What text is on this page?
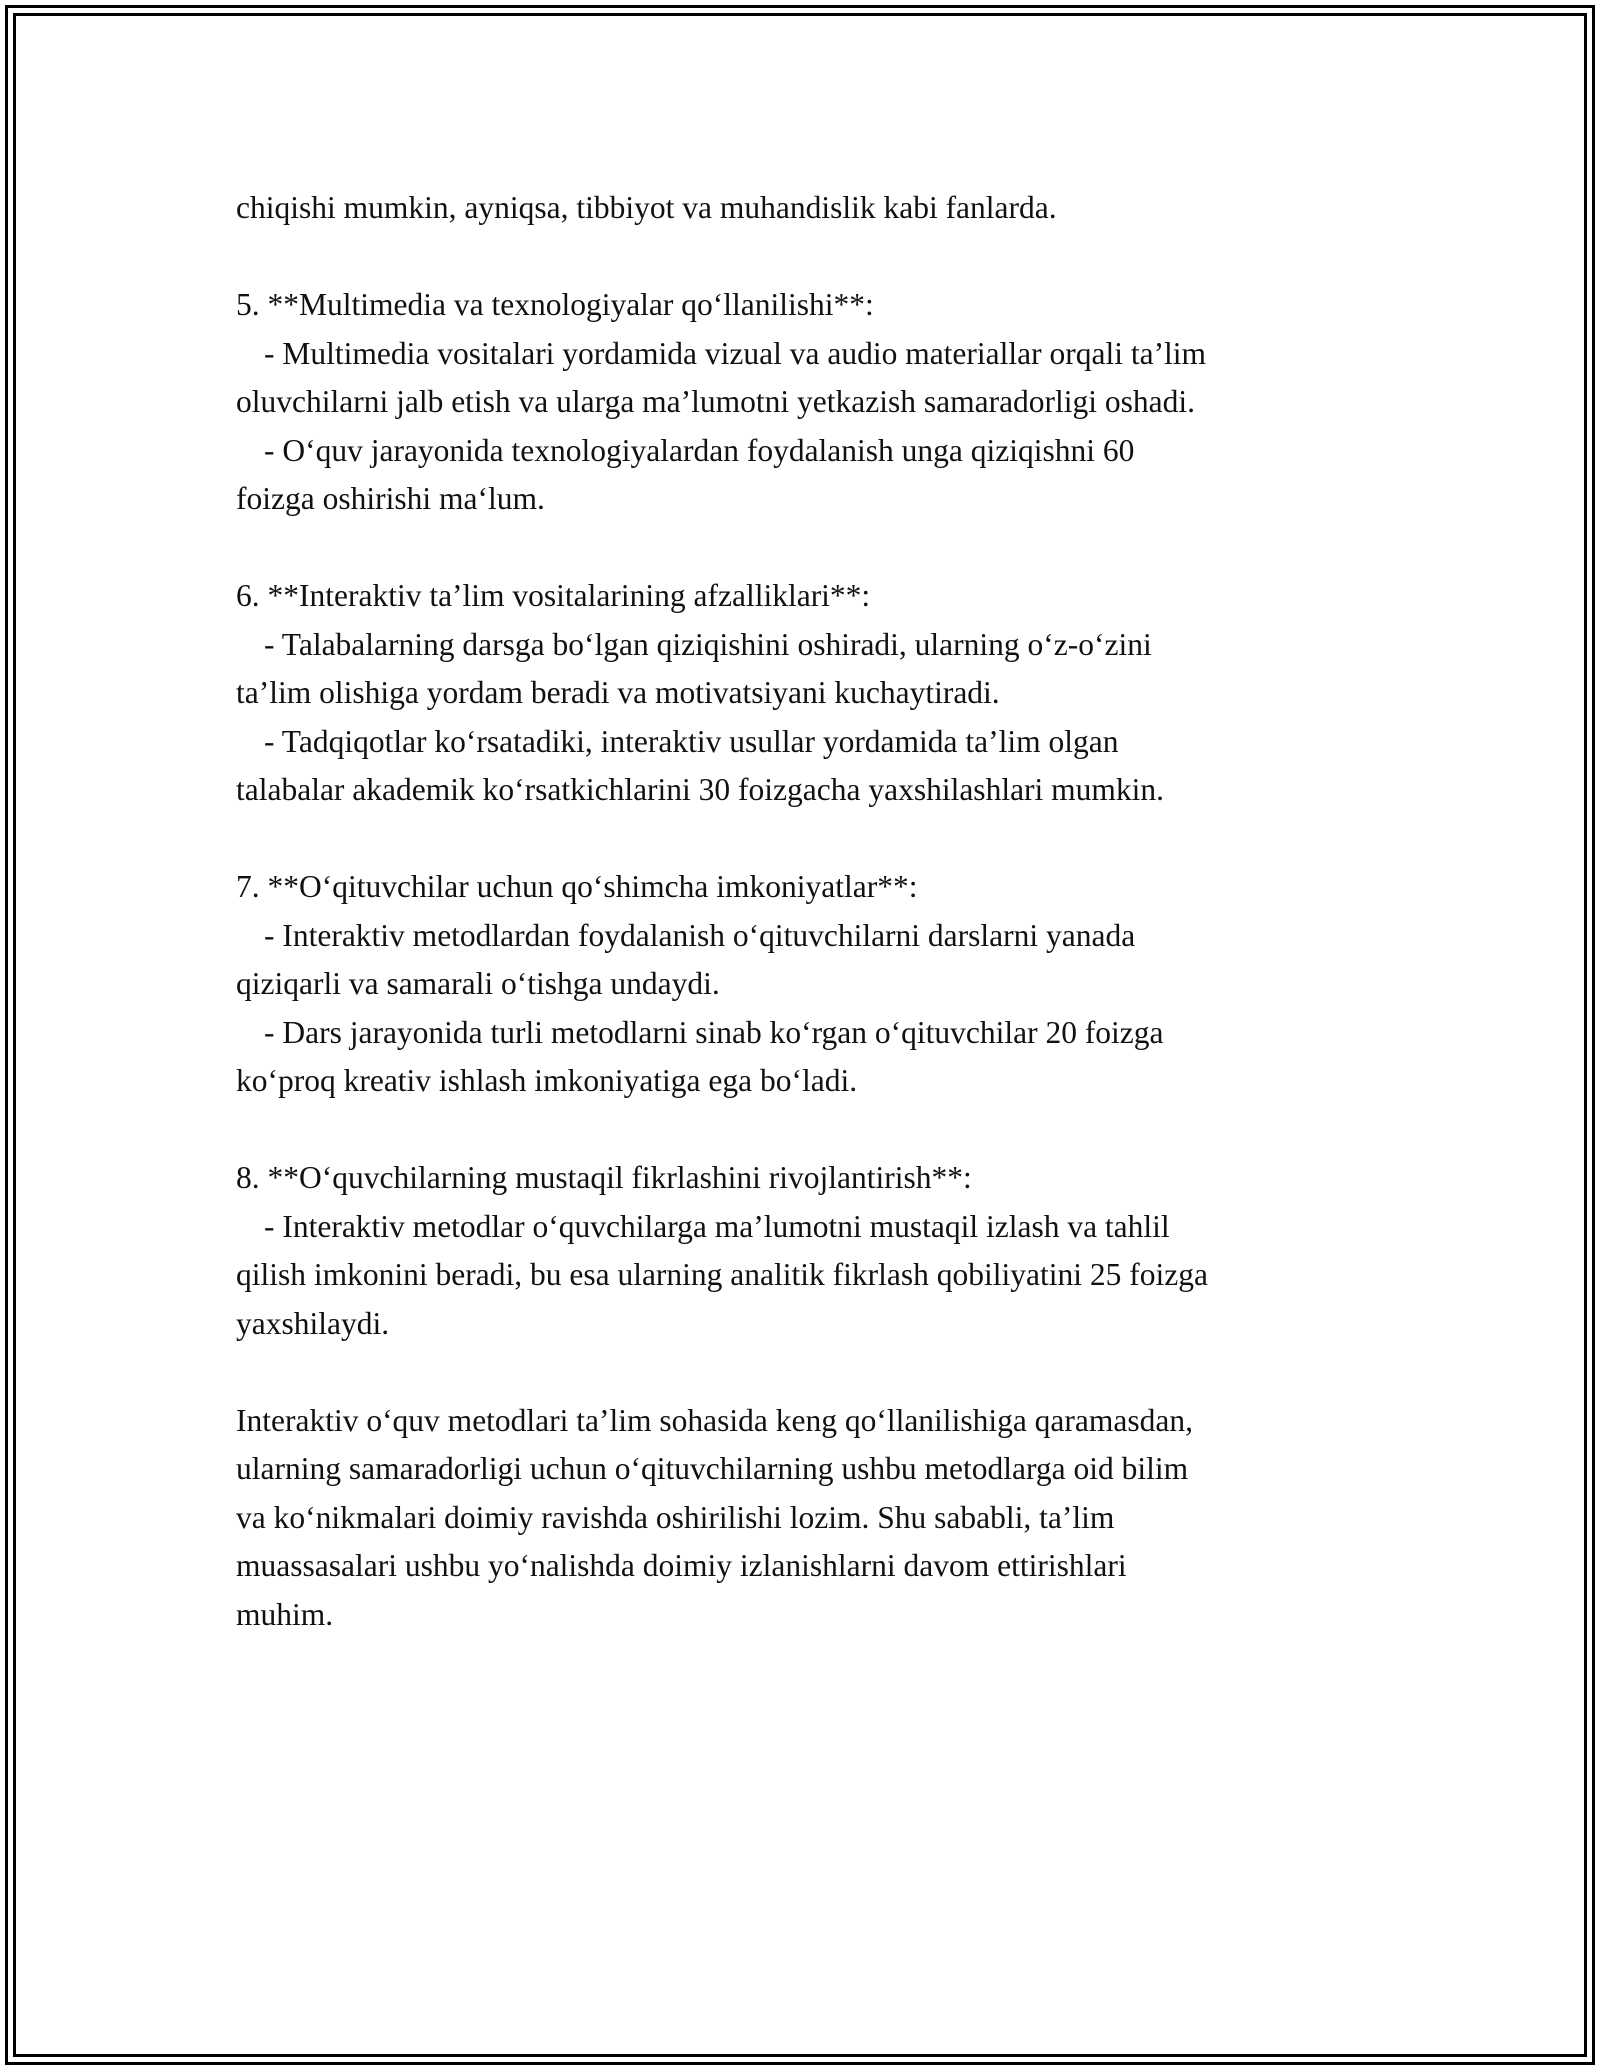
chiqishi mumkin, ayniqsa, tibbiyot va muhandislik kabi fanlarda.
5. **Multimedia va texnologiyalar qo‘llanilishi**:
- Multimedia vositalari yordamida vizual va audio materiallar orqali ta’lim
oluvchilarni jalb etish va ularga ma’lumotni yetkazish samaradorligi oshadi.
- O‘quv jarayonida texnologiyalardan foydalanish unga qiziqishni 60
foizga oshirishi ma‘lum.
6. **Interaktiv ta’lim vositalarining afzalliklari**:
- Talabalarning darsga bo‘lgan qiziqishini oshiradi, ularning o‘z-o‘zini
ta’lim olishiga yordam beradi va motivatsiyani kuchaytiradi.
- Tadqiqotlar ko‘rsatadiki, interaktiv usullar yordamida ta’lim olgan
talabalar akademik ko‘rsatkichlarini 30 foizgacha yaxshilashlari mumkin.
7. **O‘qituvchilar uchun qo‘shimcha imkoniyatlar**:
- Interaktiv metodlardan foydalanish o‘qituvchilarni darslarni yanada
qiziqarli va samarali o‘tishga undaydi.
- Dars jarayonida turli metodlarni sinab ko‘rgan o‘qituvchilar 20 foizga
ko‘proq kreativ ishlash imkoniyatiga ega bo‘ladi.
8. **O‘quvchilarning mustaqil fikrlashini rivojlantirish**:
- Interaktiv metodlar o‘quvchilarga ma’lumotni mustaqil izlash va tahlil
qilish imkonini beradi, bu esa ularning analitik fikrlash qobiliyatini 25 foizga
yaxshilaydi.
Interaktiv o‘quv metodlari ta’lim sohasida keng qo‘llanilishiga qaramasdan,
ularning samaradorligi uchun o‘qituvchilarning ushbu metodlarga oid bilim
va ko‘nikmalari doimiy ravishda oshirilishi lozim. Shu sababli, ta’lim
muassasalari ushbu yo‘nalishda doimiy izlanishlarni davom ettirishlari
muhim.
